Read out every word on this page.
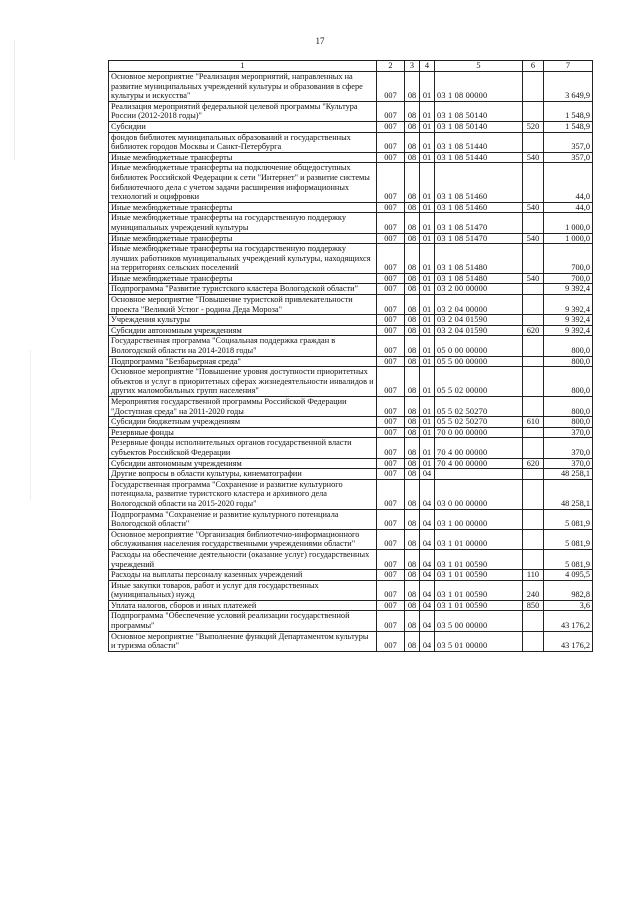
17
1	2	3	4	5	6	7
Основное мероприятие "Реализация мероприятий, направленных на развитие муниципальных учреждений культуры и образования в сфере культуры и искусства"	007	08	01	03 1 08 00000		3 649,9
Реализация мероприятий федеральной целевой программы "Культура России (2012-2018 годы)"	007	08	01	03 1 08 50140		1 548,9
Субсидии	007	08	01	03 1 08 50140	520	1 548,9
фондов библиотек муниципальных образований и государственных библиотек городов Москвы и Санкт-Петербурга	007	08	01	03 1 08 51440		357,0
Иные межбюджетные трансферты	007	08	01	03 1 08 51440	540	357,0
Иные межбюджетные трансферты на подключение общедоступных библиотек Российской Федерации к сети "Интернет" и развитие системы библиотечного дела с учетом задачи расширения информационных технологий и оцифровки	007	08	01	03 1 08 51460		44,0
Иные межбюджетные трансферты	007	08	01	03 1 08 51460	540	44,0
Иные межбюджетные трансферты на государственную поддержку муниципальных учреждений культуры	007	08	01	03 1 08 51470		1 000,0
Иные межбюджетные трансферты	007	08	01	03 1 08 51470	540	1 000,0
Иные межбюджетные трансферты на государственную поддержку лучших работников муниципальных учреждений культуры, находящихся на территориях сельских поселений	007	08	01	03 1 08 51480		700,0
Иные межбюджетные трансферты	007	08	01	03 1 08 51480	540	700,0
Подпрограмма "Развитие туристского кластера Вологодской области"	007	08	01	03 2 00 00000		9 392,4
Основное мероприятие "Повышение туристской привлекательности проекта "Великий Устюг - родина Деда Мороза"	007	08	01	03 2 04 00000		9 392,4
Учреждения культуры	007	08	01	03 2 04 01590		9 392,4
Субсидии автономным учреждениям	007	08	01	03 2 04 01590	620	9 392,4
Государственная программа "Социальная поддержка граждан в Вологодской области на 2014-2018 годы"	007	08	01	05 0 00 00000		800,0
Подпрограмма "Безбарьерная среда"	007	08	01	05 5 00 00000		800,0
Основное мероприятие "Повышение уровня доступности приоритетных объектов и услуг в приоритетных сферах жизнедеятельности инвалидов и других маломобильных групп населения"	007	08	01	05 5 02 00000		800,0
Мероприятия государственной программы Российской Федерации "Доступная среда" на 2011-2020 годы	007	08	01	05 5 02 50270		800,0
Субсидии бюджетным учреждениям	007	08	01	05 5 02 50270	610	800,0
Резервные фонды	007	08	01	70 0 00 00000		370,0
Резервные фонды исполнительных органов государственной власти субъектов Российской Федерации	007	08	01	70 4 00 00000		370,0
Субсидии автономным учреждениям	007	08	01	70 4 00 00000	620	370,0
Другие вопросы в области культуры, кинематографии	007	08	04			48 258,1
Государственная программа "Сохранение и развитие культурного потенциала, развитие туристского кластера и архивного дела Вологодской области на 2015-2020 годы"	007	08	04	03 0 00 00000		48 258,1
Подпрограмма "Сохранение и развитие культурного потенциала Вологодской области"	007	08	04	03 1 00 00000		5 081,9
Основное мероприятие "Организация библиотечно-информационного обслуживания населения государственными учреждениями области"	007	08	04	03 1 01 00000		5 081,9
Расходы на обеспечение деятельности (оказание услуг) государственных учреждений	007	08	04	03 1 01 00590		5 081,9
Расходы на выплаты персоналу казенных учреждений	007	08	04	03 1 01 00590	110	4 095,5
Иные закупки товаров, работ и услуг для государственных (муниципальных) нужд	007	08	04	03 1 01 00590	240	982,8
Уплата налогов, сборов и иных платежей	007	08	04	03 1 01 00590	850	3,6
Подпрограмма "Обеспечение условий реализации государственной программы"	007	08	04	03 5 00 00000		43 176,2
Основное мероприятие "Выполнение функций Департаментом культуры и туризма области"	007	08	04	03 5 01 00000		43 176,2
